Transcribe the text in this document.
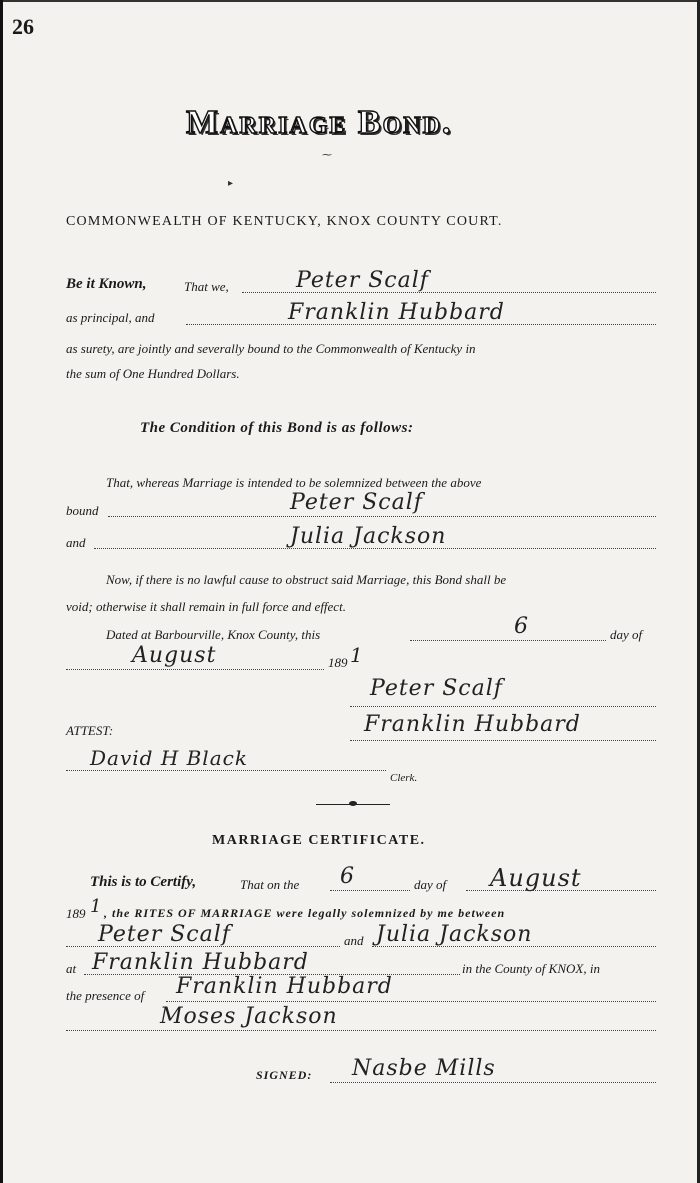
26
Marriage Bond.
⁓
▸
COMMONWEALTH OF KENTUCKY, KNOX COUNTY COURT.
Be it Known,	That we,	Peter Scalf
as principal, and	Franklin Hubbard
as surety, are jointly and severally bound to the Commonwealth of Kentucky in
the sum of One Hundred Dollars.
The Condition of this Bond is as follows:
That, whereas Marriage is intended to be solemnized between the above
bound	Peter Scalf
and	Julia Jackson
Now, if there is no lawful cause to obstruct said Marriage, this Bond shall be
void; otherwise it shall remain in full force and effect.
Dated at Barbourville, Knox County, this	6	day of
August	189 1
Peter Scalf
ATTEST:	Franklin Hubbard
David H Black
Clerk.
MARRIAGE CERTIFICATE.
This is to Certify,	That on the 6	day of August
189 1 , the RITES OF MARRIAGE were legally solemnized by me between
Peter Scalf	and Julia Jackson
at Franklin Hubbard	in the County of KNOX, in
the presence of Franklin Hubbard
Moses Jackson
SIGNED: Nasbe Mills
